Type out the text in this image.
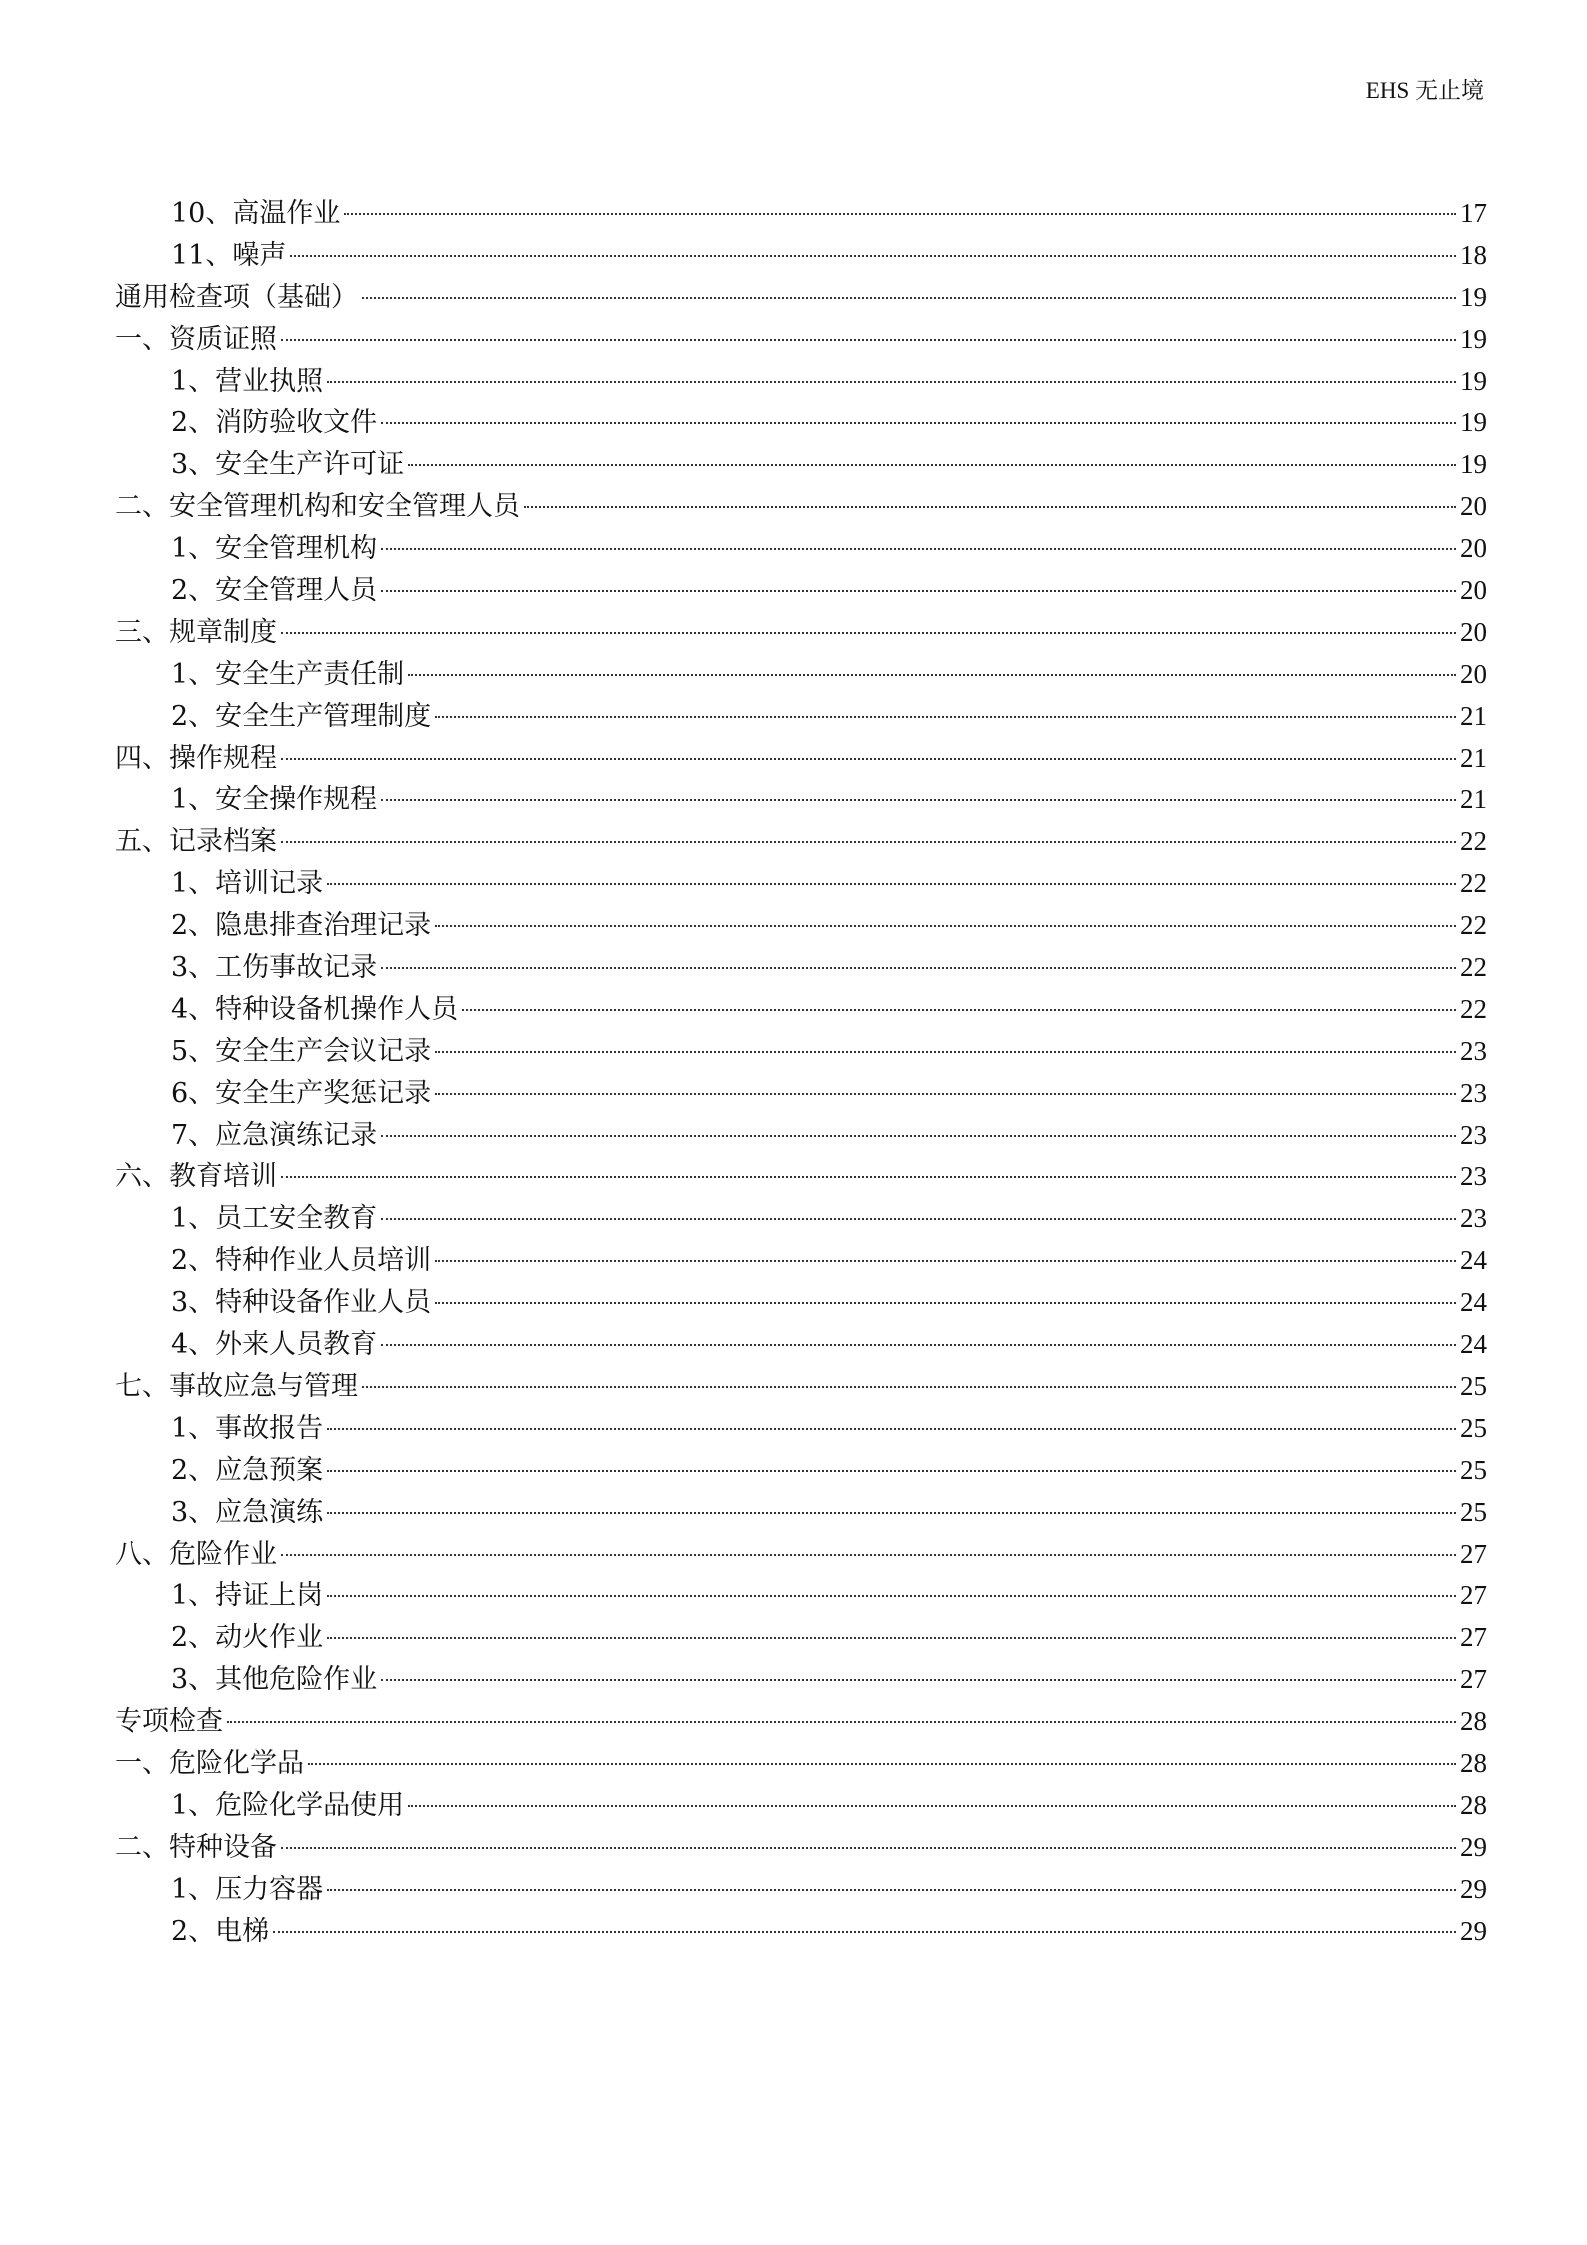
EHS 无止境
10、高温作业	17
11、噪声	18
通用检查项（基础）	19
一、资质证照	19
1、营业执照	19
2、消防验收文件	19
3、安全生产许可证	19
二、安全管理机构和安全管理人员	20
1、安全管理机构	20
2、安全管理人员	20
三、规章制度	20
1、安全生产责任制	20
2、安全生产管理制度	21
四、操作规程	21
1、安全操作规程	21
五、记录档案	22
1、培训记录	22
2、隐患排查治理记录	22
3、工伤事故记录	22
4、特种设备机操作人员	22
5、安全生产会议记录	23
6、安全生产奖惩记录	23
7、应急演练记录	23
六、教育培训	23
1、员工安全教育	23
2、特种作业人员培训	24
3、特种设备作业人员	24
4、外来人员教育	24
七、事故应急与管理	25
1、事故报告	25
2、应急预案	25
3、应急演练	25
八、危险作业	27
1、持证上岗	27
2、动火作业	27
3、其他危险作业	27
专项检查	28
一、危险化学品	28
1、危险化学品使用	28
二、特种设备	29
1、压力容器	29
2、电梯	29
